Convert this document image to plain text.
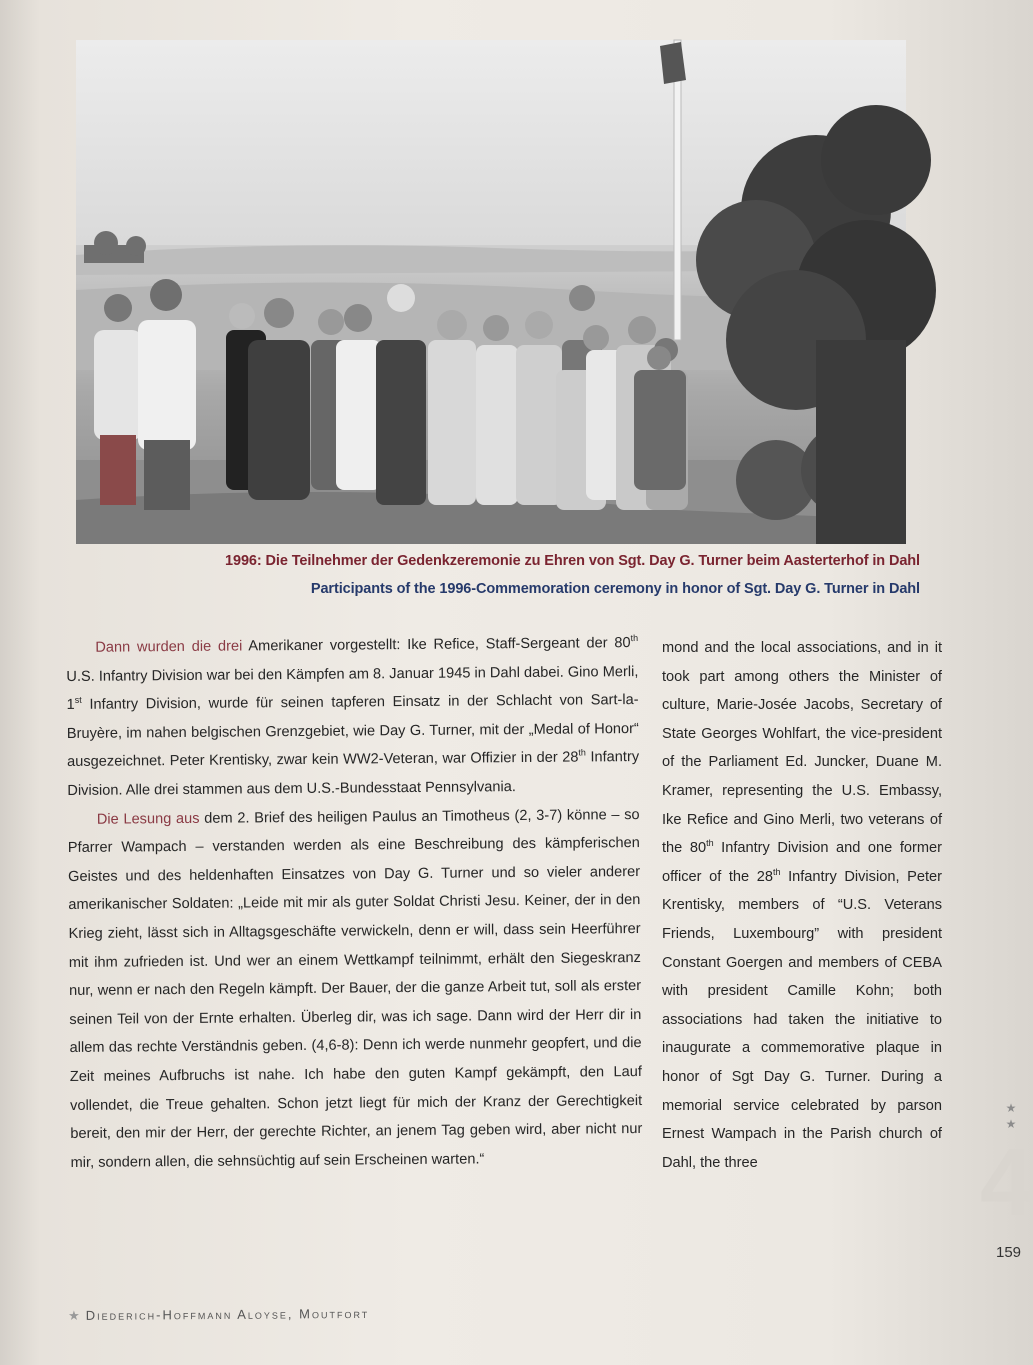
1996: Die Teilnehmer der Gedenkzeremonie zu Ehren von Sgt. Day G. Turner beim Aasterterhof in Dahl
Participants of the 1996-Commemoration ceremony in honor of Sgt. Day G. Turner in Dahl

  Dann wurden die drei Amerikaner vorgestellt: Ike Refice, Staff-Sergeant der 80th U.S. Infantry Division war bei den Kämpfen am 8. Januar 1945 in Dahl dabei. Gino Merli, 1st Infantry Division, wurde für seinen tapferen Einsatz in der Schlacht von Sart-la-Bruyère, im nahen belgischen Grenzgebiet, wie Day G. Turner, mit der „Medal of Honor“ ausgezeichnet. Peter Krentisky, zwar kein WW2-Veteran, war Offizier in der 28th Infantry Division. Alle drei stammen aus dem U.S.-Bundesstaat Pennsylvania.

  Die Lesung aus dem 2. Brief des heiligen Paulus an Timotheus (2, 3-7) könne – so Pfarrer Wampach – verstanden werden als eine Beschreibung des kämpferischen Geistes und des heldenhaften Einsatzes von Day G. Turner und so vieler anderer amerikanischer Soldaten: „Leide mit mir als guter Soldat Christi Jesu. Keiner, der in den Krieg zieht, lässt sich in Alltagsgeschäfte verwickeln, denn er will, dass sein Heerführer mit ihm zufrieden ist. Und wer an einem Wettkampf teilnimmt, erhält den Siegeskranz nur, wenn er nach den Regeln kämpft. Der Bauer, der die ganze Arbeit tut, soll als erster seinen Teil von der Ernte erhalten. Überleg dir, was ich sage. Dann wird der Herr dir in allem das rechte Verständnis geben. (4,6-8): Denn ich werde nunmehr geopfert, und die Zeit meines Aufbruchs ist nahe. Ich habe den guten Kampf gekämpft, den Lauf vollendet, die Treue gehalten. Schon jetzt liegt für mich der Kranz der Gerechtigkeit bereit, den mir der Herr, der gerechte Richter, an jenem Tag geben wird, aber nicht nur mir, sondern allen, die sehnsüchtig auf sein Erscheinen warten.“

mond and the local associations, and in it took part among others the Minister of culture, Marie-Josée Jacobs, Secretary of State Georges Wohlfart, the vice-president of the Parliament Ed. Juncker, Duane M. Kramer, representing the U.S. Embassy, Ike Refice and Gino Merli, two veterans of the 80th Infantry Division and one former officer of the 28th Infantry Division, Peter Krentisky, members of “U.S. Veterans Friends, Luxembourg” with president Constant Goergen and members of CEBA with president Camille Kohn; both associations had taken the initiative to inaugurate a commemorative plaque in honor of Sgt Day G. Turner. During a memorial service celebrated by parson Ernest Wampach in the Parish church of Dahl, the three

★
★
4
159
★ Diederich-Hoffmann Aloyse, Moutfort
